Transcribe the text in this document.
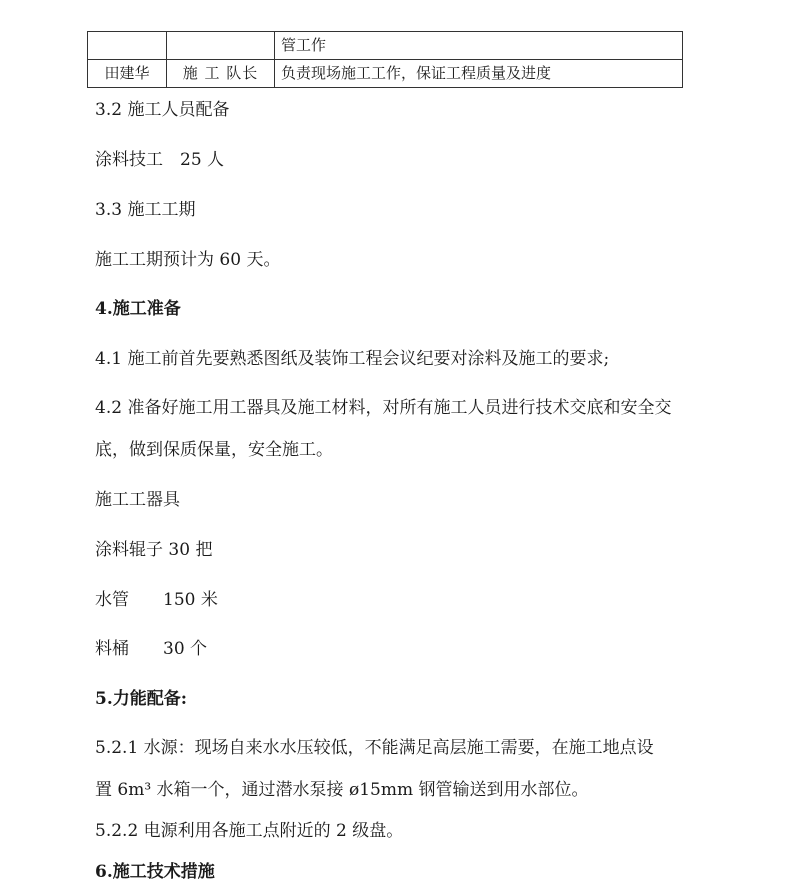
		管工作
田建华	施 工 队长	负责现场施工工作，保证工程质量及进度

3.2 施工人员配备

涂料技工　25 人

3.3 施工工期

施工工期预计为 60 天。

4.施工准备

4.1 施工前首先要熟悉图纸及装饰工程会议纪要对涂料及施工的要求;

4.2 准备好施工用工器具及施工材料，对所有施工人员进行技术交底和安全交
底，做到保质保量，安全施工。

施工工器具

涂料辊子 30 把

水管　　150 米

料桶　　30 个

5.力能配备:

5.2.1 水源：现场自来水水压较低，不能满足高层施工需要，在施工地点设
置 6m³ 水箱一个，通过潜水泵接 ø15mm 钢管输送到用水部位。

5.2.2 电源利用各施工点附近的 2 级盘。

6.施工技术措施
